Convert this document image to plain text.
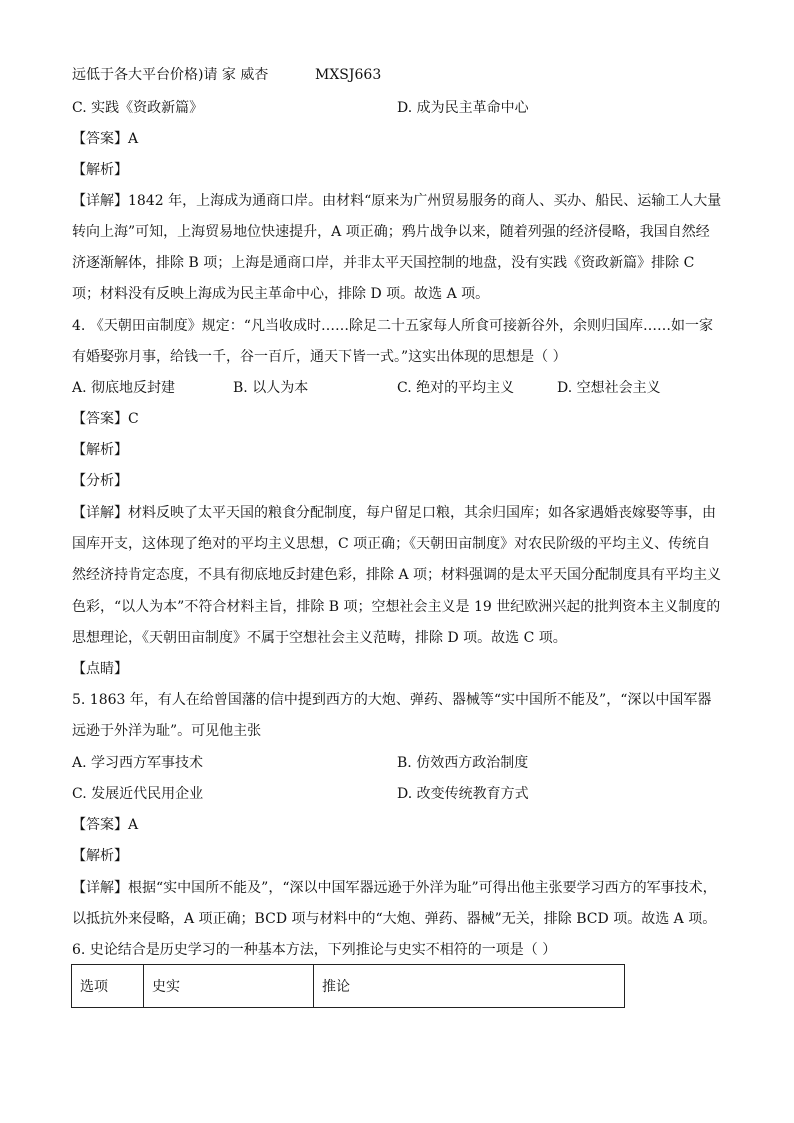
远低于各大平台价格)请 家 威杏	MXSJ663
C. 实践《资政新篇》	D. 成为民主革命中心
【答案】A
【解析】
【详解】1842 年，上海成为通商口岸。由材料“原来为广州贸易服务的商人、买办、船民、运输工人大量
转向上海”可知，上海贸易地位快速提升，A 项正确；鸦片战争以来，随着列强的经济侵略，我国自然经
济逐渐解体，排除 B 项；上海是通商口岸，并非太平天国控制的地盘，没有实践《资政新篇》排除 C
项；材料没有反映上海成为民主革命中心，排除 D 项。故选 A 项。
4. 《天朝田亩制度》规定：“凡当收成时……除足二十五家每人所食可接新谷外，余则归国库……如一家
有婚娶弥月事，给钱一千，谷一百斤，通天下皆一式。”这实出体现的思想是（ ）
A. 彻底地反封建	B. 以人为本	C. 绝对的平均主义	D. 空想社会主义
【答案】C
【解析】
【分析】
【详解】材料反映了太平天国的粮食分配制度，每户留足口粮，其余归国库；如各家遇婚丧嫁娶等事，由
国库开支，这体现了绝对的平均主义思想，C 项正确；《天朝田亩制度》对农民阶级的平均主义、传统自
然经济持肯定态度，不具有彻底地反封建色彩，排除 A 项；材料强调的是太平天国分配制度具有平均主义
色彩，“以人为本”不符合材料主旨，排除 B 项；空想社会主义是 19 世纪欧洲兴起的批判资本主义制度的
思想理论，《天朝田亩制度》不属于空想社会主义范畴，排除 D 项。故选 C 项。
【点睛】
5. 1863 年，有人在给曾国藩的信中提到西方的大炮、弹药、器械等“实中国所不能及”，“深以中国军器
远逊于外洋为耻”。可见他主张
A. 学习西方军事技术	B. 仿效西方政治制度
C. 发展近代民用企业	D. 改变传统教育方式
【答案】A
【解析】
【详解】根据“实中国所不能及”，“深以中国军器远逊于外洋为耻”可得出他主张要学习西方的军事技术，
以抵抗外来侵略，A 项正确；BCD 项与材料中的“大炮、弹药、器械”无关，排除 BCD 项。故选 A 项。
6. 史论结合是历史学习的一种基本方法，下列推论与史实不相符的一项是（ ）
选项	史实	推论
